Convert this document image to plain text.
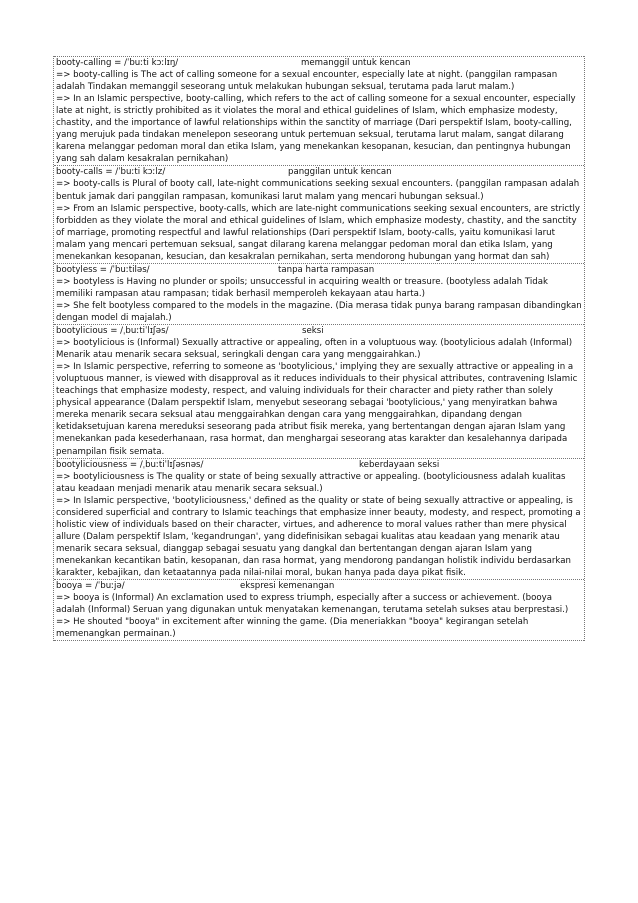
booty-calling = /ˈbuːti kɔːlɪŋ/	memanggil untuk kencan
=> booty-calling is The act of calling someone for a sexual encounter, especially late at night. (panggilan rampasan adalah Tindakan memanggil seseorang untuk melakukan hubungan seksual, terutama pada larut malam.)
=> In an Islamic perspective, booty-calling, which refers to the act of calling someone for a sexual encounter, especially late at night, is strictly prohibited as it violates the moral and ethical guidelines of Islam, which emphasize modesty, chastity, and the importance of lawful relationships within the sanctity of marriage (Dari perspektif Islam, booty-calling, yang merujuk pada tindakan menelepon seseorang untuk pertemuan seksual, terutama larut malam, sangat dilarang karena melanggar pedoman moral dan etika Islam, yang menekankan kesopanan, kesucian, dan pentingnya hubungan yang sah dalam kesakralan pernikahan)
booty-calls = /ˈbuːti kɔːlz/	panggilan untuk kencan
=> booty-calls is Plural of booty call, late-night communications seeking sexual encounters. (panggilan rampasan adalah bentuk jamak dari panggilan rampasan, komunikasi larut malam yang mencari hubungan seksual.)
=> From an Islamic perspective, booty-calls, which are late-night communications seeking sexual encounters, are strictly forbidden as they violate the moral and ethical guidelines of Islam, which emphasize modesty, chastity, and the sanctity of marriage, promoting respectful and lawful relationships (Dari perspektif Islam, booty-calls, yaitu komunikasi larut malam yang mencari pertemuan seksual, sangat dilarang karena melanggar pedoman moral dan etika Islam, yang menekankan kesopanan, kesucian, dan kesakralan pernikahan, serta mendorong hubungan yang hormat dan sah)
bootyless = /ˈbuːtiləs/	tanpa harta rampasan
=> bootyless is Having no plunder or spoils; unsuccessful in acquiring wealth or treasure. (bootyless adalah Tidak memiliki rampasan atau rampasan; tidak berhasil memperoleh kekayaan atau harta.)
=> She felt bootyless compared to the models in the magazine. (Dia merasa tidak punya barang rampasan dibandingkan dengan model di majalah.)
bootylicious = /ˌbuːtiˈlɪʃəs/	seksi
=> bootylicious is (Informal) Sexually attractive or appealing, often in a voluptuous way. (bootylicious adalah (Informal) Menarik atau menarik secara seksual, seringkali dengan cara yang menggairahkan.)
=> In Islamic perspective, referring to someone as 'bootylicious,' implying they are sexually attractive or appealing in a voluptuous manner, is viewed with disapproval as it reduces individuals to their physical attributes, contravening Islamic teachings that emphasize modesty, respect, and valuing individuals for their character and piety rather than solely physical appearance (Dalam perspektif Islam, menyebut seseorang sebagai 'bootylicious,' yang menyiratkan bahwa mereka menarik secara seksual atau menggairahkan dengan cara yang menggairahkan, dipandang dengan ketidaksetujuan karena mereduksi seseorang pada atribut fisik mereka, yang bertentangan dengan ajaran Islam yang menekankan pada kesederhanaan, rasa hormat, dan menghargai seseorang atas karakter dan kesalehannya daripada penampilan fisik semata.
bootyliciousness = /ˌbuːtiˈlɪʃəsnəs/	keberdayaan seksi
=> bootyliciousness is The quality or state of being sexually attractive or appealing. (bootyliciousness adalah kualitas atau keadaan menjadi menarik atau menarik secara seksual.)
=> In Islamic perspective, 'bootyliciousness,' defined as the quality or state of being sexually attractive or appealing, is considered superficial and contrary to Islamic teachings that emphasize inner beauty, modesty, and respect, promoting a holistic view of individuals based on their character, virtues, and adherence to moral values rather than mere physical allure (Dalam perspektif Islam, 'kegandrungan', yang didefinisikan sebagai kualitas atau keadaan yang menarik atau menarik secara seksual, dianggap sebagai sesuatu yang dangkal dan bertentangan dengan ajaran Islam yang menekankan kecantikan batin, kesopanan, dan rasa hormat, yang mendorong pandangan holistik individu berdasarkan karakter, kebajikan, dan ketaatannya pada nilai-nilai moral, bukan hanya pada daya pikat fisik.
booya = /ˈbuːjə/	ekspresi kemenangan
=> booya is (Informal) An exclamation used to express triumph, especially after a success or achievement. (booya adalah (Informal) Seruan yang digunakan untuk menyatakan kemenangan, terutama setelah sukses atau berprestasi.)
=> He shouted "booya" in excitement after winning the game. (Dia meneriakkan "booya" kegirangan setelah memenangkan permainan.)
